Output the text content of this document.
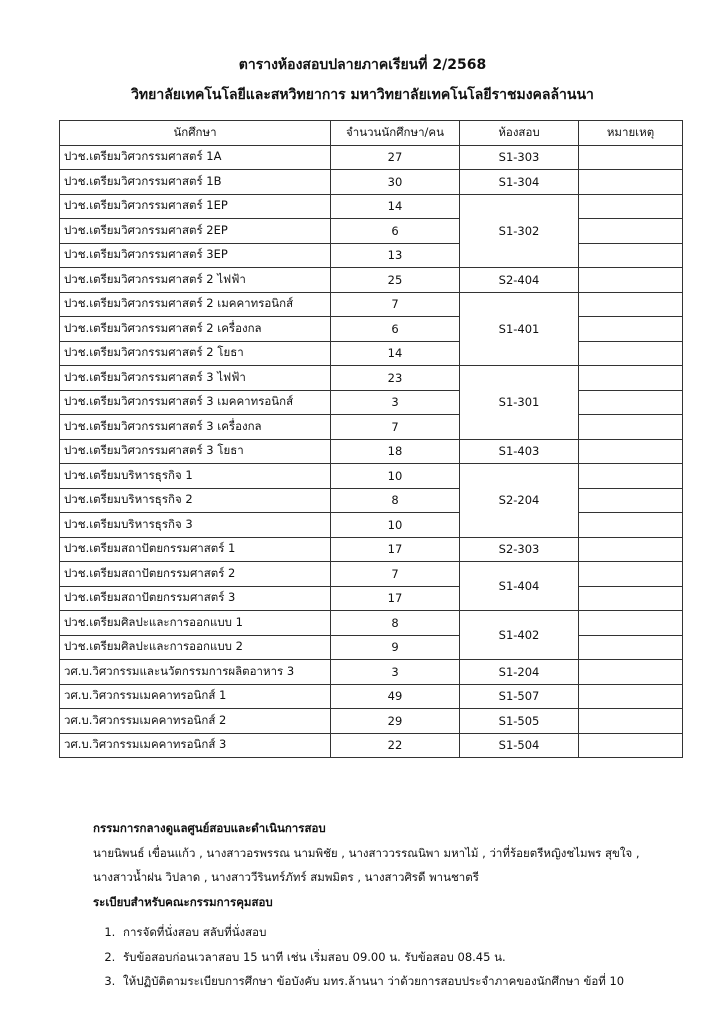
ตารางห้องสอบปลายภาคเรียนที่ 2/2568
วิทยาลัยเทคโนโลยีและสหวิทยาการ มหาวิทยาลัยเทคโนโลยีราชมงคลล้านนา
นักศึกษา	จำนวนนักศึกษา/คน	ห้องสอบ	หมายเหตุ
ปวช.เตรียมวิศวกรรมศาสตร์ 1A	27	S1-303	
ปวช.เตรียมวิศวกรรมศาสตร์ 1B	30	S1-304	
ปวช.เตรียมวิศวกรรมศาสตร์ 1EP	14	S1-302	
ปวช.เตรียมวิศวกรรมศาสตร์ 2EP	6		
ปวช.เตรียมวิศวกรรมศาสตร์ 3EP	13		
ปวช.เตรียมวิศวกรรมศาสตร์ 2 ไฟฟ้า	25	S2-404	
ปวช.เตรียมวิศวกรรมศาสตร์ 2 เมคคาทรอนิกส์	7	S1-401	
ปวช.เตรียมวิศวกรรมศาสตร์ 2 เครื่องกล	6		
ปวช.เตรียมวิศวกรรมศาสตร์ 2 โยธา	14		
ปวช.เตรียมวิศวกรรมศาสตร์ 3 ไฟฟ้า	23	S1-301	
ปวช.เตรียมวิศวกรรมศาสตร์ 3 เมคคาทรอนิกส์	3		
ปวช.เตรียมวิศวกรรมศาสตร์ 3 เครื่องกล	7		
ปวช.เตรียมวิศวกรรมศาสตร์ 3 โยธา	18	S1-403	
ปวช.เตรียมบริหารธุรกิจ 1	10	S2-204	
ปวช.เตรียมบริหารธุรกิจ 2	8		
ปวช.เตรียมบริหารธุรกิจ 3	10		
ปวช.เตรียมสถาปัตยกรรมศาสตร์ 1	17	S2-303	
ปวช.เตรียมสถาปัตยกรรมศาสตร์ 2	7	S1-404	
ปวช.เตรียมสถาปัตยกรรมศาสตร์ 3	17		
ปวช.เตรียมศิลปะและการออกแบบ 1	8	S1-402	
ปวช.เตรียมศิลปะและการออกแบบ 2	9		
วศ.บ.วิศวกรรมและนวัตกรรมการผลิตอาหาร 3	3	S1-204	
วศ.บ.วิศวกรรมเมคคาทรอนิกส์ 1	49	S1-507	
วศ.บ.วิศวกรรมเมคคาทรอนิกส์ 2	29	S1-505	
วศ.บ.วิศวกรรมเมคคาทรอนิกส์ 3	22	S1-504	
กรรมการกลางดูแลศูนย์สอบและดำเนินการสอบ
นายนิพนธ์ เขื่อนแก้ว , นางสาวอรพรรณ นามพิชัย , นางสาววรรณนิพา มหาไม้ , ว่าที่ร้อยตรีหญิงชไมพร สุขใจ ,
นางสาวน้ำฝน วิปลาด , นางสาววีรินทร์ภัทร์ สมพมิตร , นางสาวศิรดี พานชาตรี
ระเบียบสำหรับคณะกรรมการคุมสอบ
1. การจัดที่นั่งสอบ สลับที่นั่งสอบ
2. รับข้อสอบก่อนเวลาสอบ 15 นาที เช่น เริ่มสอบ 09.00 น. รับข้อสอบ 08.45 น.
3. ให้ปฏิบัติตามระเบียบการศึกษา ข้อบังคับ มทร.ล้านนา ว่าด้วยการสอบประจำภาคของนักศึกษา ข้อที่ 10
